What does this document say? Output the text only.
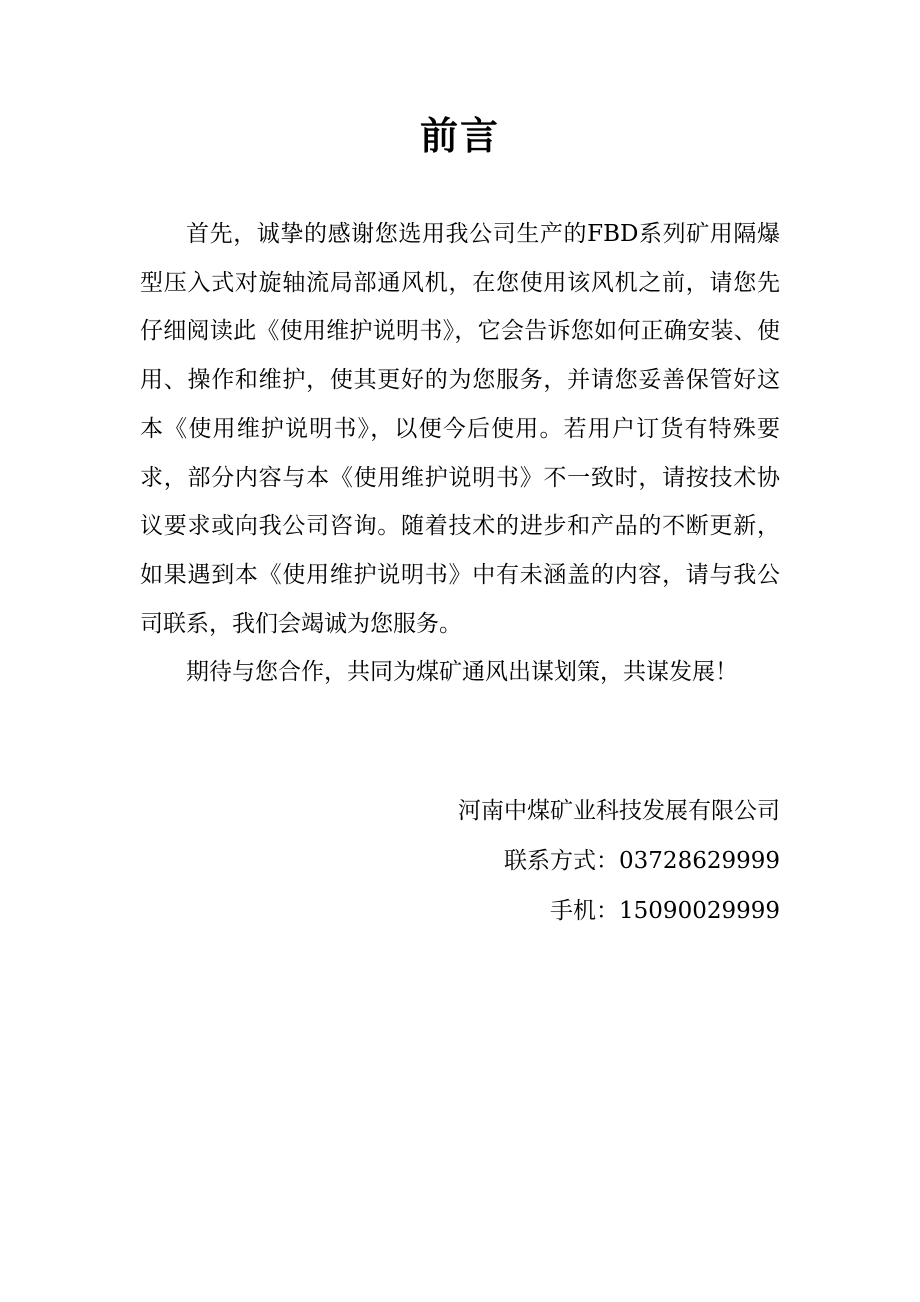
前言

首先，诚挚的感谢您选用我公司生产的FBD系列矿用隔爆型压入式对旋轴流局部通风机，在您使用该风机之前，请您先仔细阅读此《使用维护说明书》，它会告诉您如何正确安装、使用、操作和维护，使其更好的为您服务，并请您妥善保管好这本《使用维护说明书》，以便今后使用。若用户订货有特殊要求，部分内容与本《使用维护说明书》不一致时，请按技术协议要求或向我公司咨询。随着技术的进步和产品的不断更新，如果遇到本《使用维护说明书》中有未涵盖的内容，请与我公司联系，我们会竭诚为您服务。

期待与您合作，共同为煤矿通风出谋划策，共谋发展！

河南中煤矿业科技发展有限公司
联系方式：03728629999
手机：15090029999
